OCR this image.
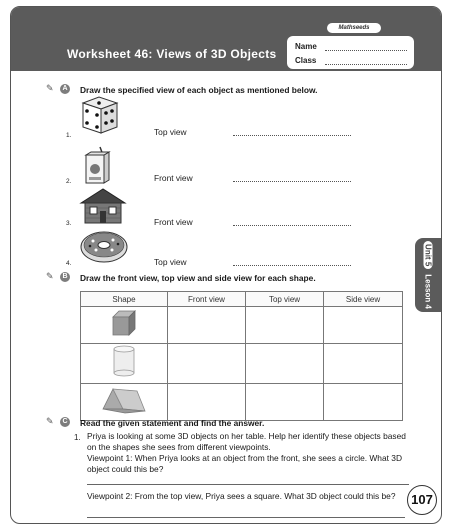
Mathseeds
Worksheet 46: Views of 3D Objects
Name
Class
✎	A Draw the specified view of each object as mentioned below.
1.	Top view
2.	Front view
3.	Front view
4.	Top view
✎	B Draw the front view, top view and side view for each shape.
Shape	Front view	Top view	Side view

✎	C Read the given statement and find the answer.
1. Priya is looking at some 3D objects on her table. Help her identify these objects based on the shapes she sees from different viewpoints.
Viewpoint 1: When Priya looks at an object from the front, she sees a circle. What 3D object could this be?
Viewpoint 2: From the top view, Priya sees a square. What 3D object could this be?
Unit 5Lesson 4
107
